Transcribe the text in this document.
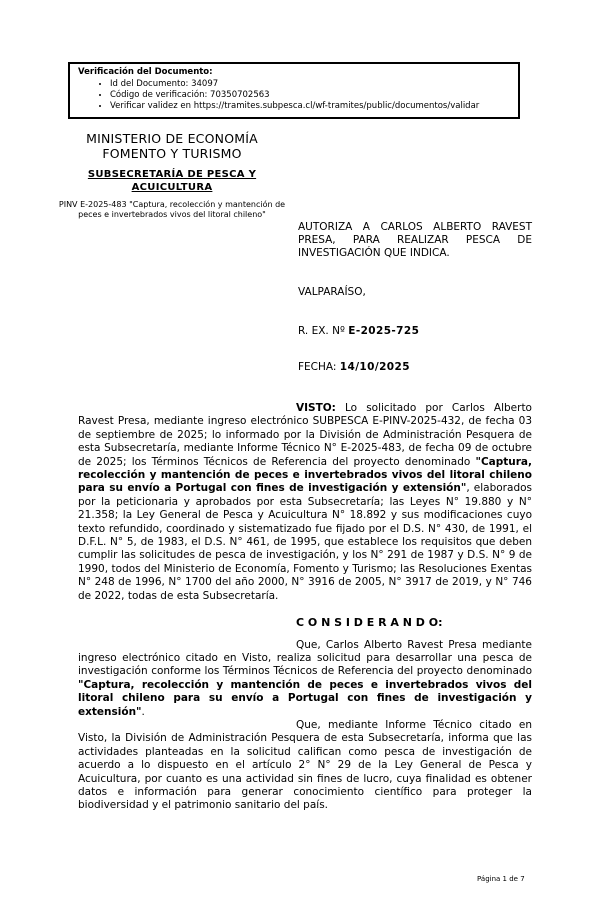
Verificación del Documento:
• Id del Documento: 34097
• Código de verificación: 70350702563
• Verificar validez en https://tramites.subpesca.cl/wf-tramites/public/documentos/validar
MINISTERIO DE ECONOMÍA
FOMENTO Y TURISMO
SUBSECRETARÍA DE PESCA Y ACUICULTURA
PINV E-2025-483 "Captura, recolección y mantención de peces e invertebrados vivos del litoral chileno"
AUTORIZA A CARLOS ALBERTO RAVEST PRESA, PARA REALIZAR PESCA DE INVESTIGACIÓN QUE INDICA.
VALPARAÍSO,
R. EX. Nº E-2025-725
FECHA: 14/10/2025

VISTO: Lo solicitado por Carlos Alberto Ravest Presa, mediante ingreso electrónico SUBPESCA E-PINV-2025-432, de fecha 03 de septiembre de 2025; lo informado por la División de Administración Pesquera de esta Subsecretaría, mediante Informe Técnico N° E-2025-483, de fecha 09 de octubre de 2025; los Términos Técnicos de Referencia del proyecto denominado "Captura, recolección y mantención de peces e invertebrados vivos del litoral chileno para su envío a Portugal con fines de investigación y extensión", elaborados por la peticionaria y aprobados por esta Subsecretaría; las Leyes N° 19.880 y N° 21.358; la Ley General de Pesca y Acuicultura N° 18.892 y sus modificaciones cuyo texto refundido, coordinado y sistematizado fue fijado por el D.S. N° 430, de 1991, el D.F.L. N° 5, de 1983, el D.S. N° 461, de 1995, que establece los requisitos que deben cumplir las solicitudes de pesca de investigación, y los N° 291 de 1987 y D.S. N° 9 de 1990, todos del Ministerio de Economía, Fomento y Turismo; las Resoluciones Exentas N° 248 de 1996, N° 1700 del año 2000, N° 3916 de 2005, N° 3917 de 2019, y N° 746 de 2022, todas de esta Subsecretaría.

C O N S I D E R A N D O:

Que, Carlos Alberto Ravest Presa mediante ingreso electrónico citado en Visto, realiza solicitud para desarrollar una pesca de investigación conforme los Términos Técnicos de Referencia del proyecto denominado "Captura, recolección y mantención de peces e invertebrados vivos del litoral chileno para su envío a Portugal con fines de investigación y extensión".

Que, mediante Informe Técnico citado en Visto, la División de Administración Pesquera de esta Subsecretaría, informa que las actividades planteadas en la solicitud califican como pesca de investigación de acuerdo a lo dispuesto en el artículo 2° N° 29 de la Ley General de Pesca y Acuicultura, por cuanto es una actividad sin fines de lucro, cuya finalidad es obtener datos e información para generar conocimiento científico para proteger la biodiversidad y el patrimonio sanitario del país.

Página 1 de 7
